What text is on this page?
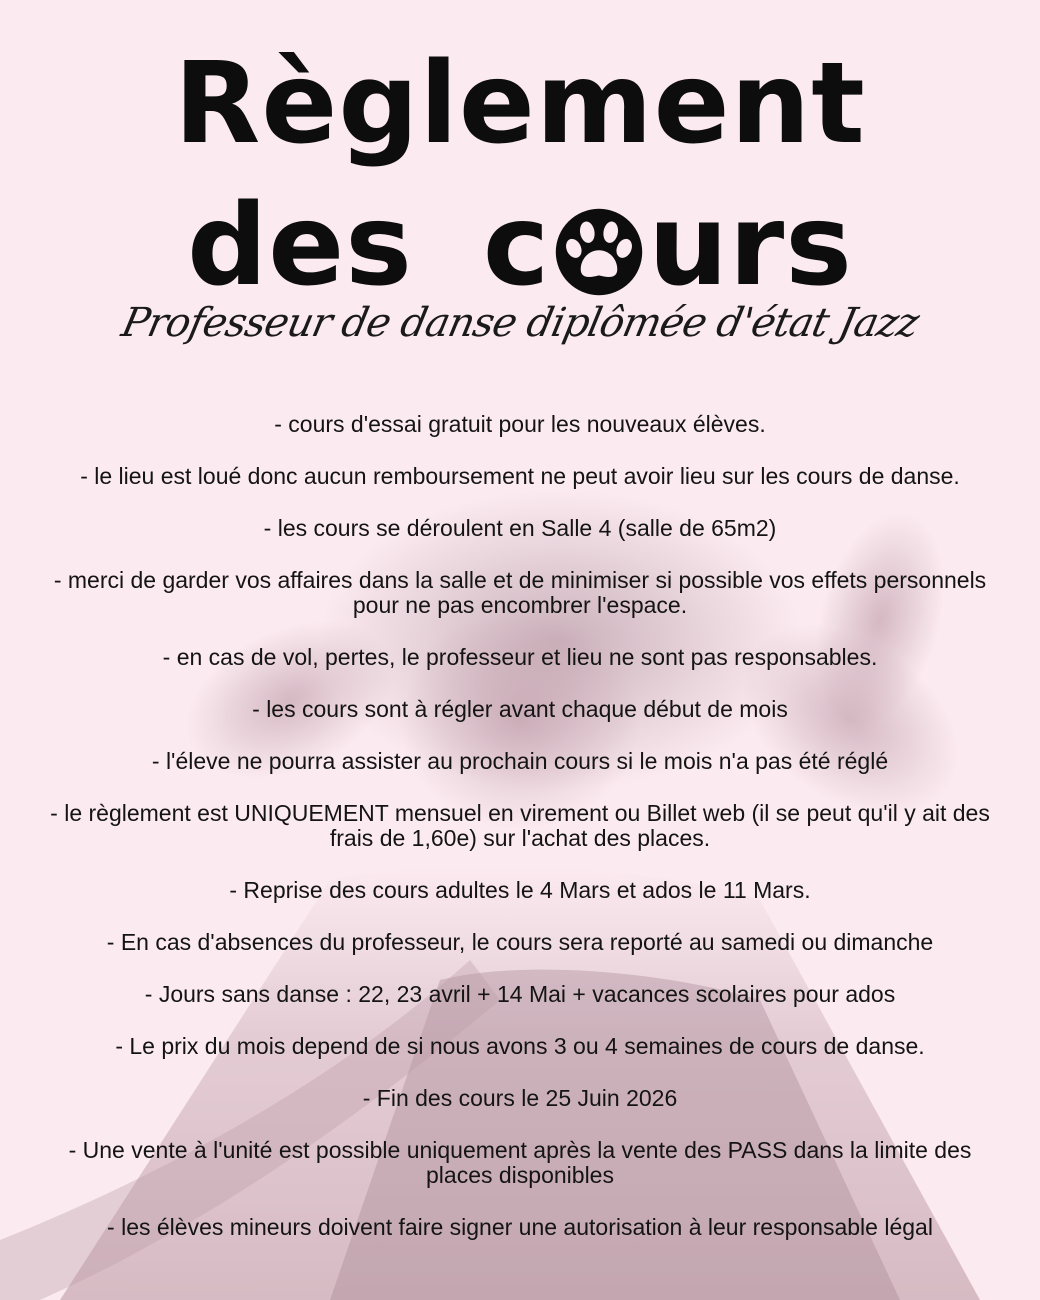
Règlement
des c urs
Professeur de danse diplômée d'état Jazz
- cours d'essai gratuit pour les nouveaux élèves.
- le lieu est loué donc aucun remboursement ne peut avoir lieu sur les cours de danse.
- les cours se déroulent en Salle 4 (salle de 65m2)
- merci de garder vos affaires dans la salle et de minimiser si possible vos effets personnels pour ne pas encombrer l'espace.
- en cas de vol, pertes, le professeur et lieu ne sont pas responsables.
- les cours sont à régler avant chaque début de mois
- l'éleve ne pourra assister au prochain cours si le mois n'a pas été réglé
- le règlement est UNIQUEMENT mensuel en virement ou Billet web (il se peut qu'il y ait des frais de 1,60e) sur l'achat des places.
- Reprise des cours adultes le 4 Mars et ados le 11 Mars.
- En cas d'absences du professeur, le cours sera reporté au samedi ou dimanche
- Jours sans danse : 22, 23 avril + 14 Mai + vacances scolaires pour ados
- Le prix du mois depend de si nous avons 3 ou 4 semaines de cours de danse.
- Fin des cours le 25 Juin 2026
- Une vente à l'unité est possible uniquement après la vente des PASS dans la limite des places disponibles
- les élèves mineurs doivent faire signer une autorisation à leur responsable légal
